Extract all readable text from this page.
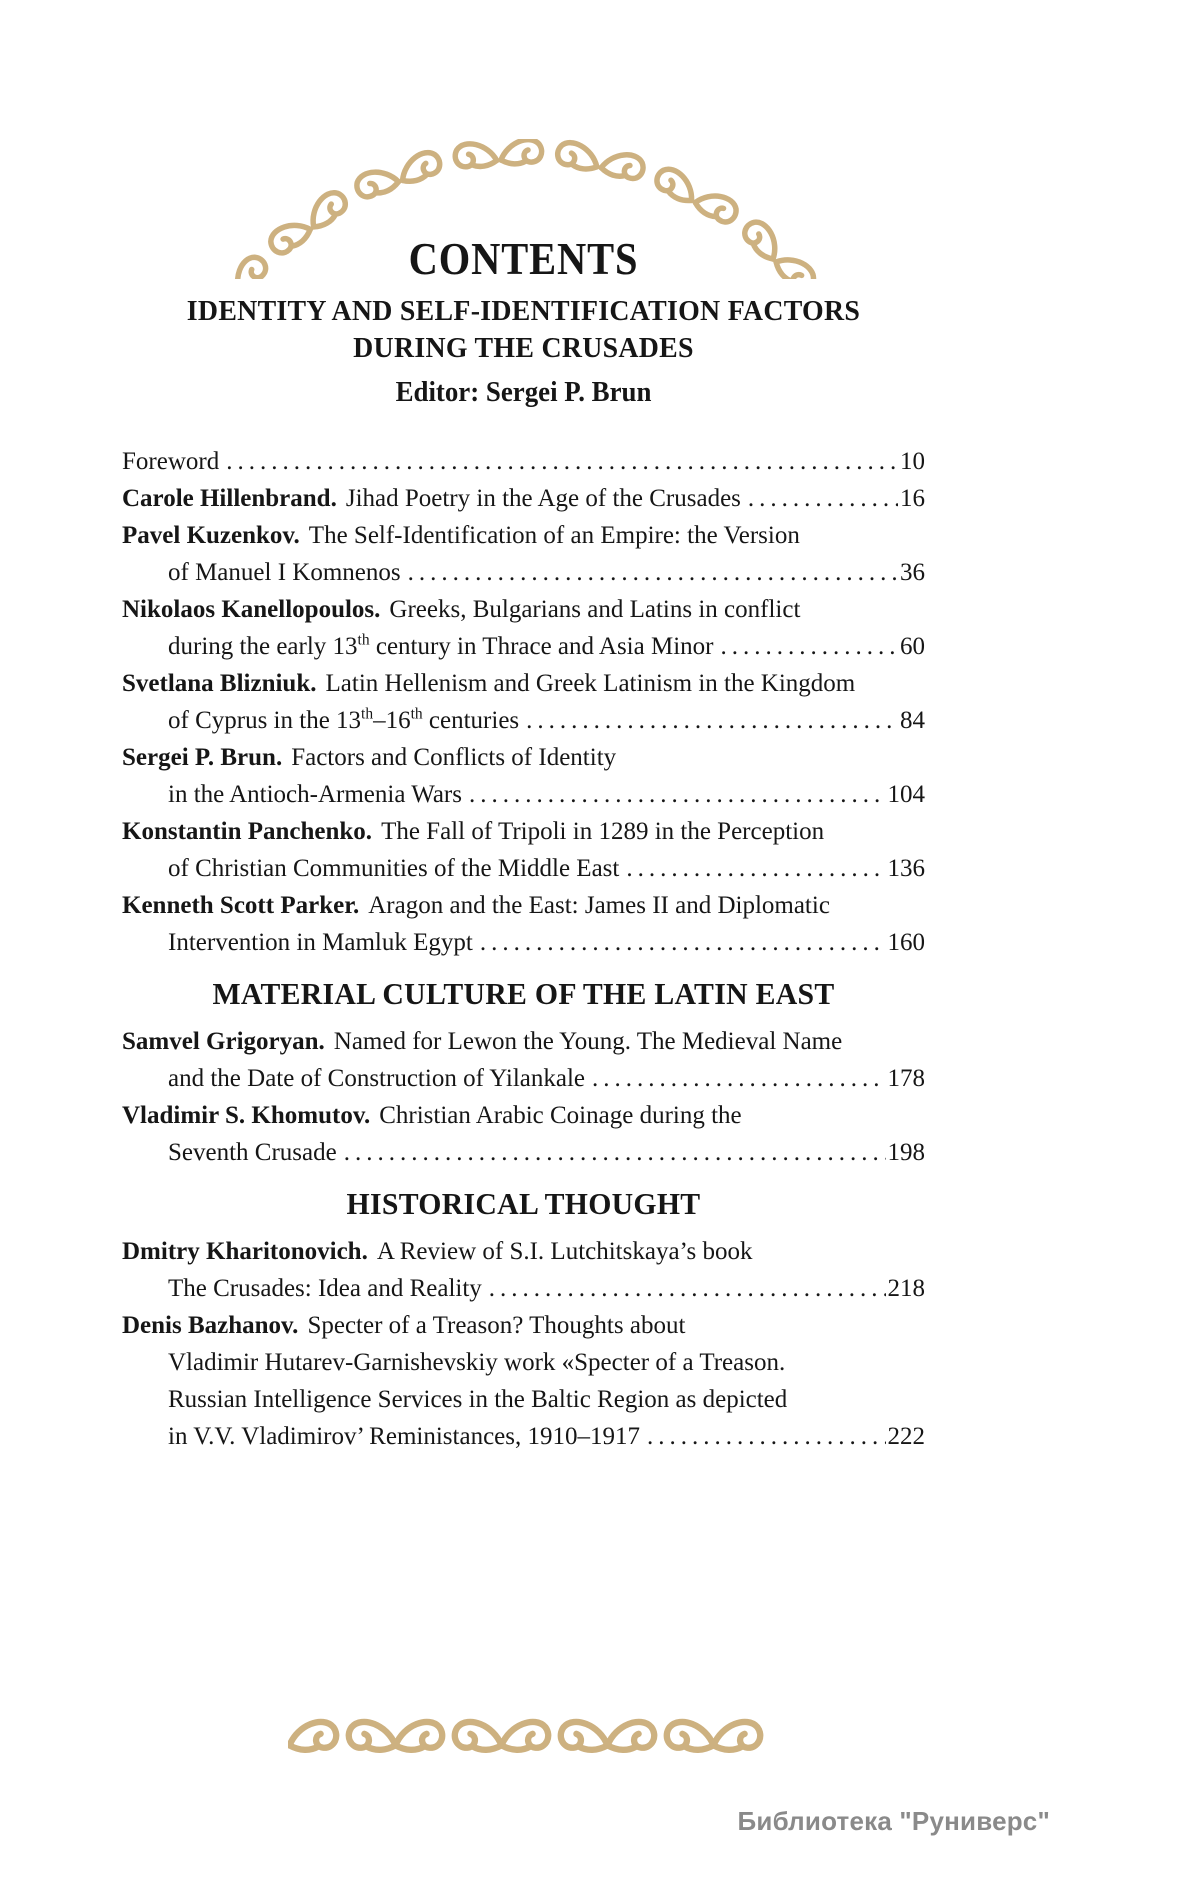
CONTENTS
IDENTITY AND SELF-IDENTIFICATION FACTORS
DURING THE CRUSADES
Editor: Sergei P. Brun
Foreword .....	10
Carole Hillenbrand. Jihad Poetry in the Age of the Crusades .....	16
Pavel Kuzenkov. The Self-Identification of an Empire: the Version
of Manuel I Komnenos .....	36
Nikolaos Kanellopoulos. Greeks, Bulgarians and Latins in conflict
during the early 13th century in Thrace and Asia Minor .....	60
Svetlana Blizniuk. Latin Hellenism and Greek Latinism in the Kingdom
of Cyprus in the 13th–16th centuries .....	84
Sergei P. Brun. Factors and Conflicts of Identity
in the Antioch-Armenia Wars .....	104
Konstantin Panchenko. The Fall of Tripoli in 1289 in the Perception
of Christian Communities of the Middle East .....	136
Kenneth Scott Parker. Aragon and the East: James II and Diplomatic
Intervention in Mamluk Egypt .....	160
MATERIAL CULTURE OF THE LATIN EAST
Samvel Grigoryan. Named for Lewon the Young. The Medieval Name
and the Date of Construction of Yilankale .....	178
Vladimir S. Khomutov. Christian Arabic Coinage during the
Seventh Crusade .....	198
HISTORICAL THOUGHT
Dmitry Kharitonovich. A Review of S.I. Lutchitskaya’s book
The Crusades: Idea and Reality .....	218
Denis Bazhanov. Specter of a Treason? Thoughts about
Vladimir Hutarev-Garnishevskiy work «Specter of a Treason.
Russian Intelligence Services in the Baltic Region as depicted
in V.V. Vladimirov’ Reministances, 1910–1917 .....	222
Библиотека "Руниверс"
